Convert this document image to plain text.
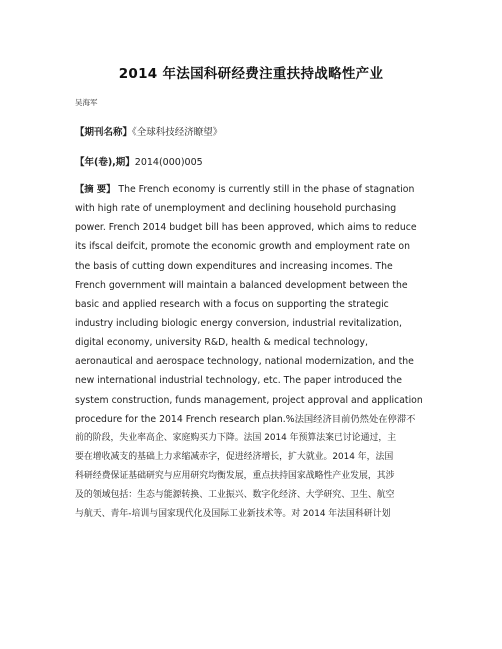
2014 年法国科研经费注重扶持战略性产业
吴海军
【期刊名称】《全球科技经济瞭望》
【年(卷),期】2014(000)005
【摘 要】 The French economy is currently still in the phase of stagnation
with high rate of unemployment and declining household purchasing
power. French 2014 budget bill has been approved, which aims to reduce
its ifscal deifcit, promote the economic growth and employment rate on
the basis of cutting down expenditures and increasing incomes. The
French government will maintain a balanced development between the
basic and applied research with a focus on supporting the strategic
industry including biologic energy conversion, industrial revitalization,
digital economy, university R&D, health & medical technology,
aeronautical and aerospace technology, national modernization, and the
new international industrial technology, etc. The paper introduced the
system construction, funds management, project approval and application
procedure for the 2014 French research plan.%法国经济目前仍然处在停滞不
前的阶段，失业率高企、家庭购买力下降。法国 2014 年预算法案已讨论通过，主
要在增收减支的基础上力求缩减赤字，促进经济增长，扩大就业。2014 年，法国
科研经费保证基础研究与应用研究均衡发展，重点扶持国家战略性产业发展，其涉
及的领域包括：生态与能源转换、工业振兴、数字化经济、大学研究、卫生、航空
与航天、青年-培训与国家现代化及国际工业新技术等。对 2014 年法国科研计划
